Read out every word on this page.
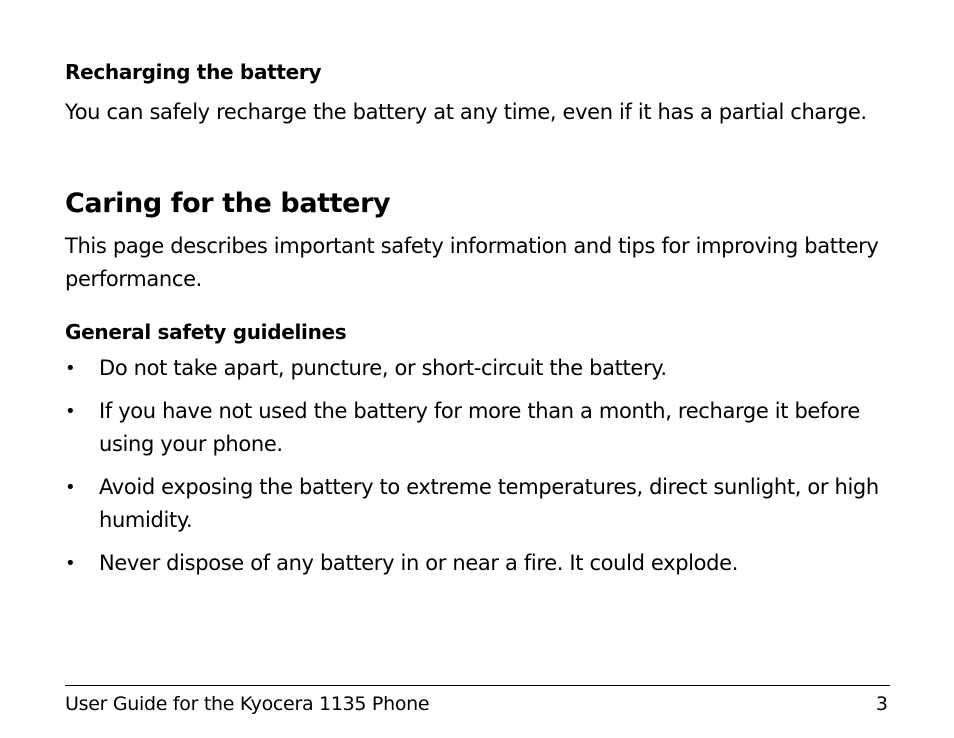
Recharging the battery
You can safely recharge the battery at any time, even if it has a partial charge.
Caring for the battery
This page describes important safety information and tips for improving battery performance.
General safety guidelines
• Do not take apart, puncture, or short-circuit the battery.
• If you have not used the battery for more than a month, recharge it before using your phone.
• Avoid exposing the battery to extreme temperatures, direct sunlight, or high humidity.
• Never dispose of any battery in or near a fire. It could explode.
User Guide for the Kyocera 1135 Phone	3
